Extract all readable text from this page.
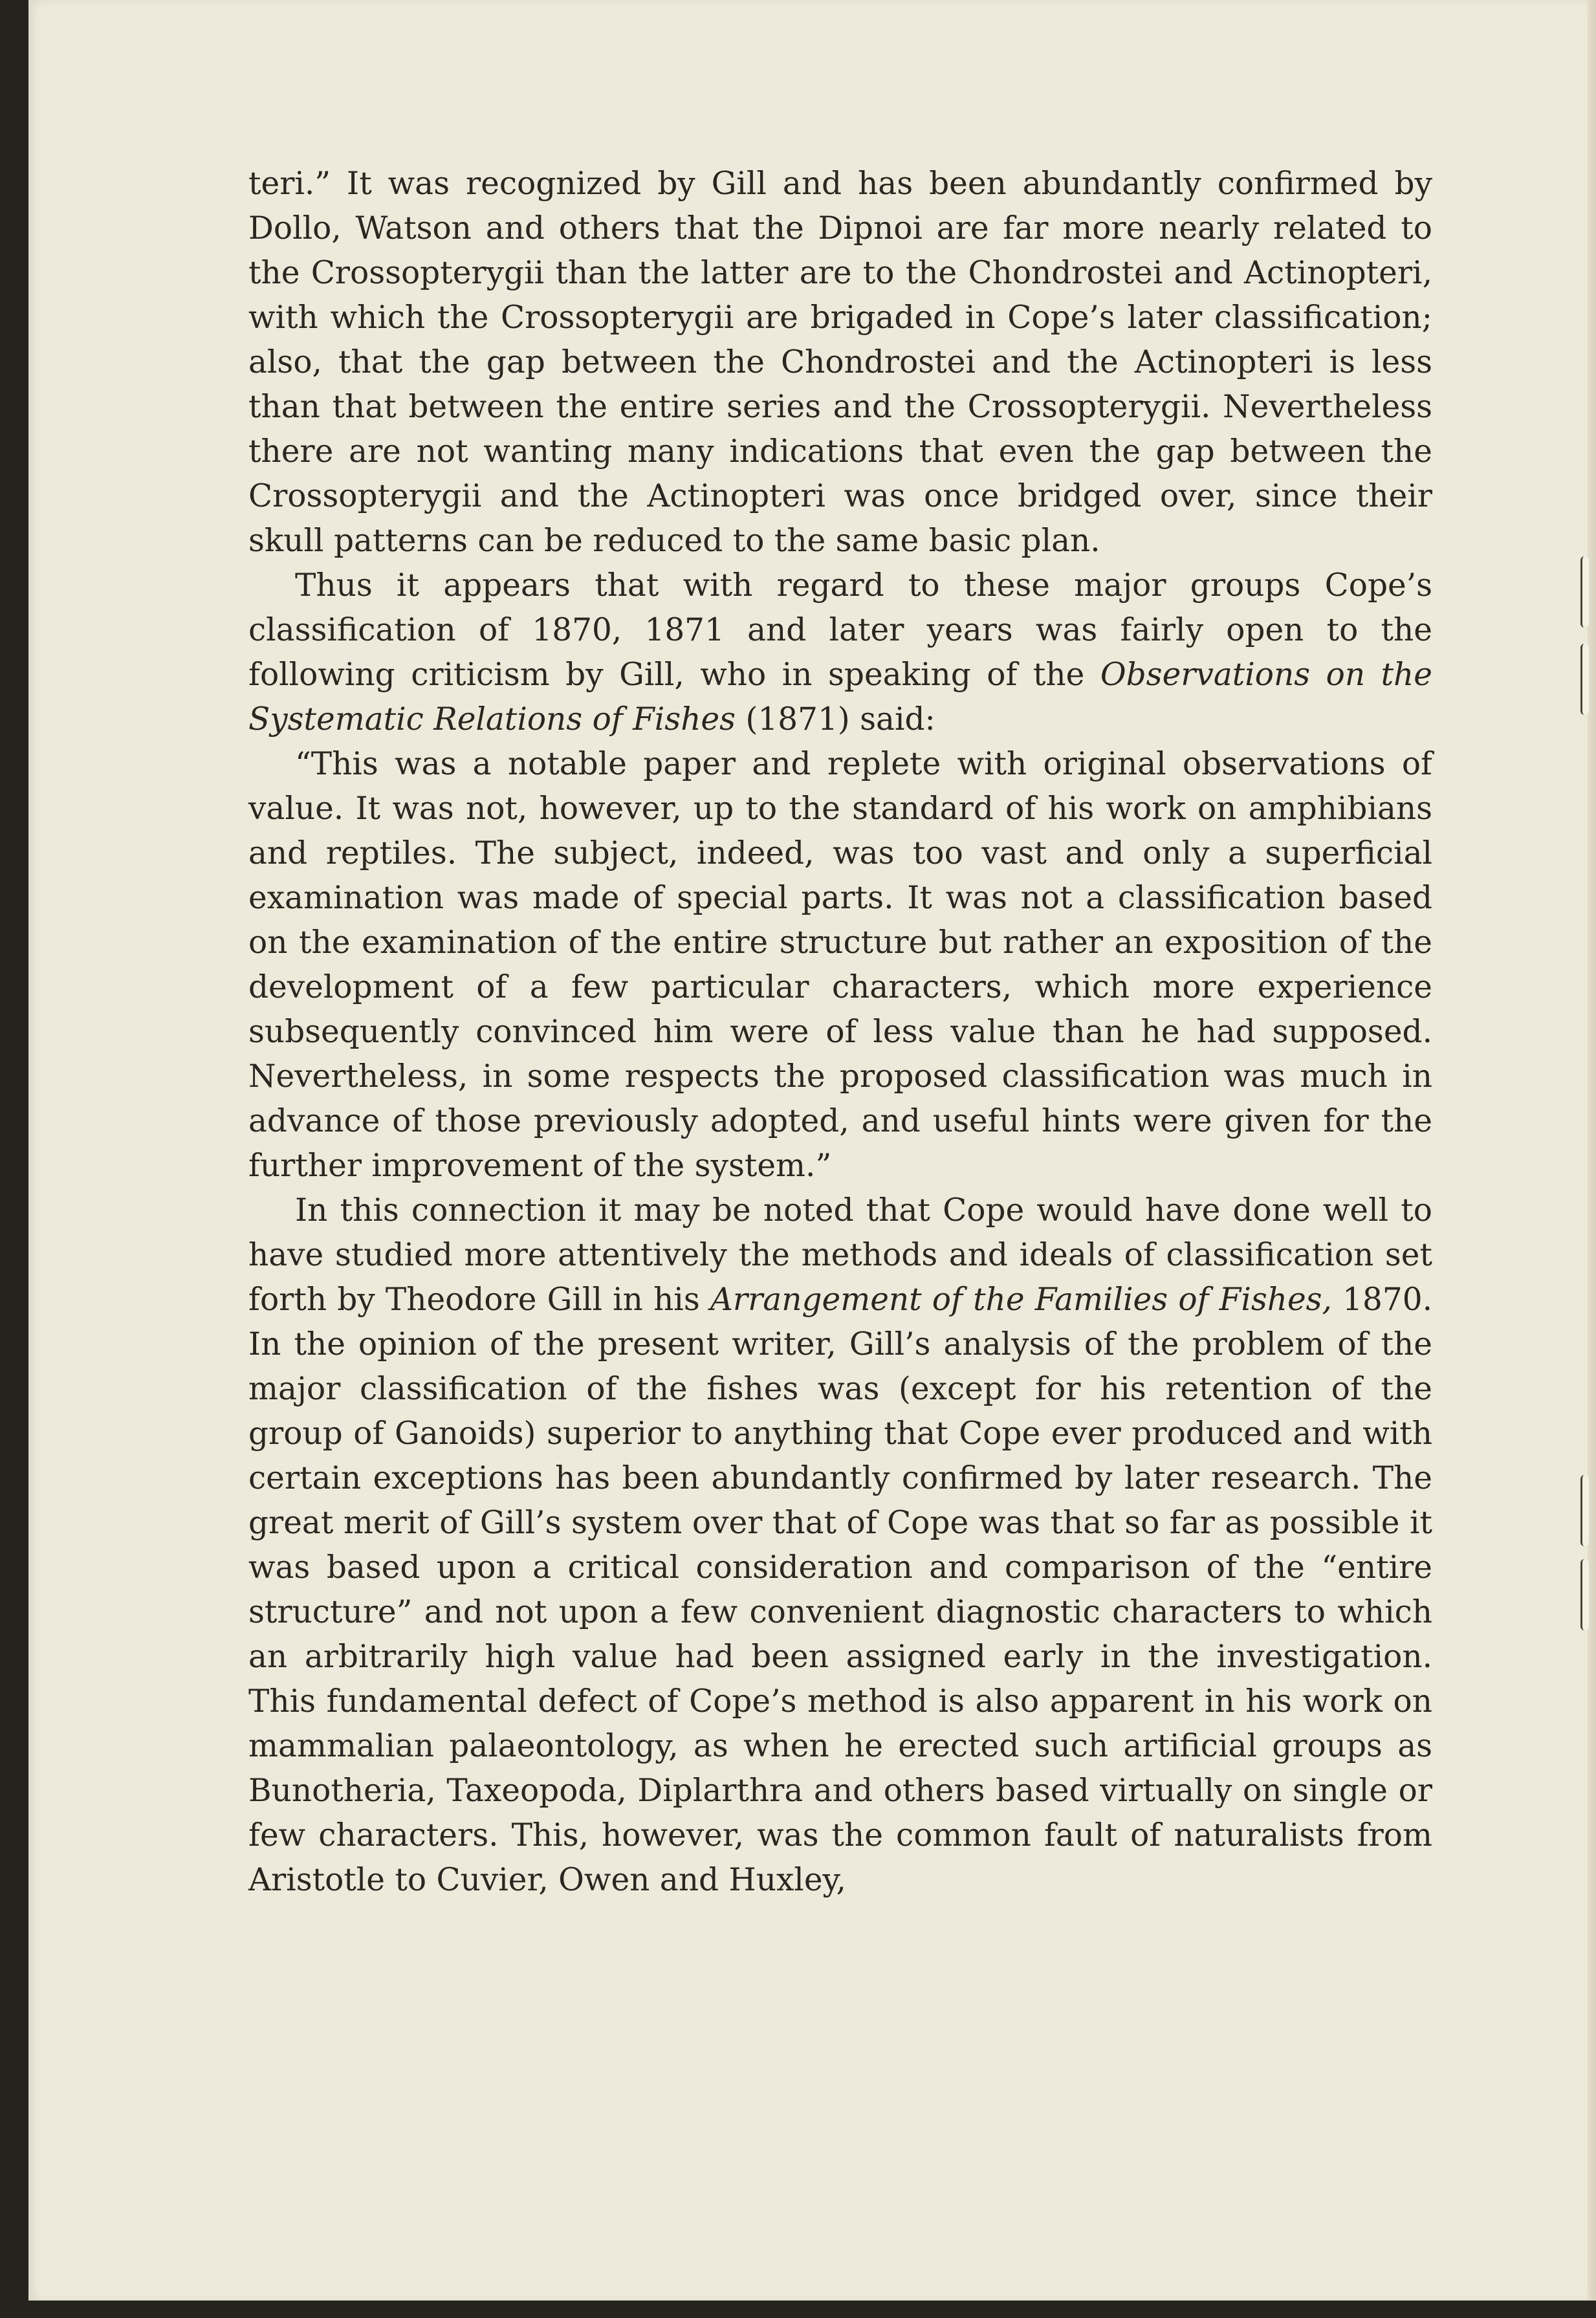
teri.” It was recognized by Gill and has been abundantly confirmed by Dollo, Watson and others that the Dipnoi are far more nearly related to the Crossopterygii than the latter are to the Chondrostei and Actinopteri, with which the Crossopterygii are brigaded in Cope’s later classification; also, that the gap between the Chondrostei and the Actinopteri is less than that between the entire series and the Crossopterygii. Nevertheless there are not wanting many indications that even the gap between the Crossopterygii and the Actinopteri was once bridged over, since their skull patterns can be reduced to the same basic plan.

Thus it appears that with regard to these major groups Cope’s classification of 1870, 1871 and later years was fairly open to the following criticism by Gill, who in speaking of the Observations on the Systematic Relations of Fishes (1871) said:

“This was a notable paper and replete with original observations of value. It was not, however, up to the standard of his work on amphibians and reptiles. The subject, indeed, was too vast and only a superficial examination was made of special parts. It was not a classification based on the examination of the entire structure but rather an exposition of the development of a few particular characters, which more experience subsequently convinced him were of less value than he had supposed. Nevertheless, in some respects the proposed classification was much in advance of those previously adopted, and useful hints were given for the further improvement of the system.”

In this connection it may be noted that Cope would have done well to have studied more attentively the methods and ideals of classification set forth by Theodore Gill in his Arrangement of the Families of Fishes, 1870. In the opinion of the present writer, Gill’s analysis of the problem of the major classification of the fishes was (except for his retention of the group of Ganoids) superior to anything that Cope ever produced and with certain exceptions has been abundantly confirmed by later research. The great merit of Gill’s system over that of Cope was that so far as possible it was based upon a critical consideration and comparison of the “entire structure” and not upon a few convenient diagnostic characters to which an arbitrarily high value had been assigned early in the investigation. This fundamental defect of Cope’s method is also apparent in his work on mammalian palaeontology, as when he erected such artificial groups as Bunotheria, Taxeopoda, Diplarthra and others based virtually on single or few characters. This, however, was the common fault of naturalists from Aristotle to Cuvier, Owen and Huxley,
